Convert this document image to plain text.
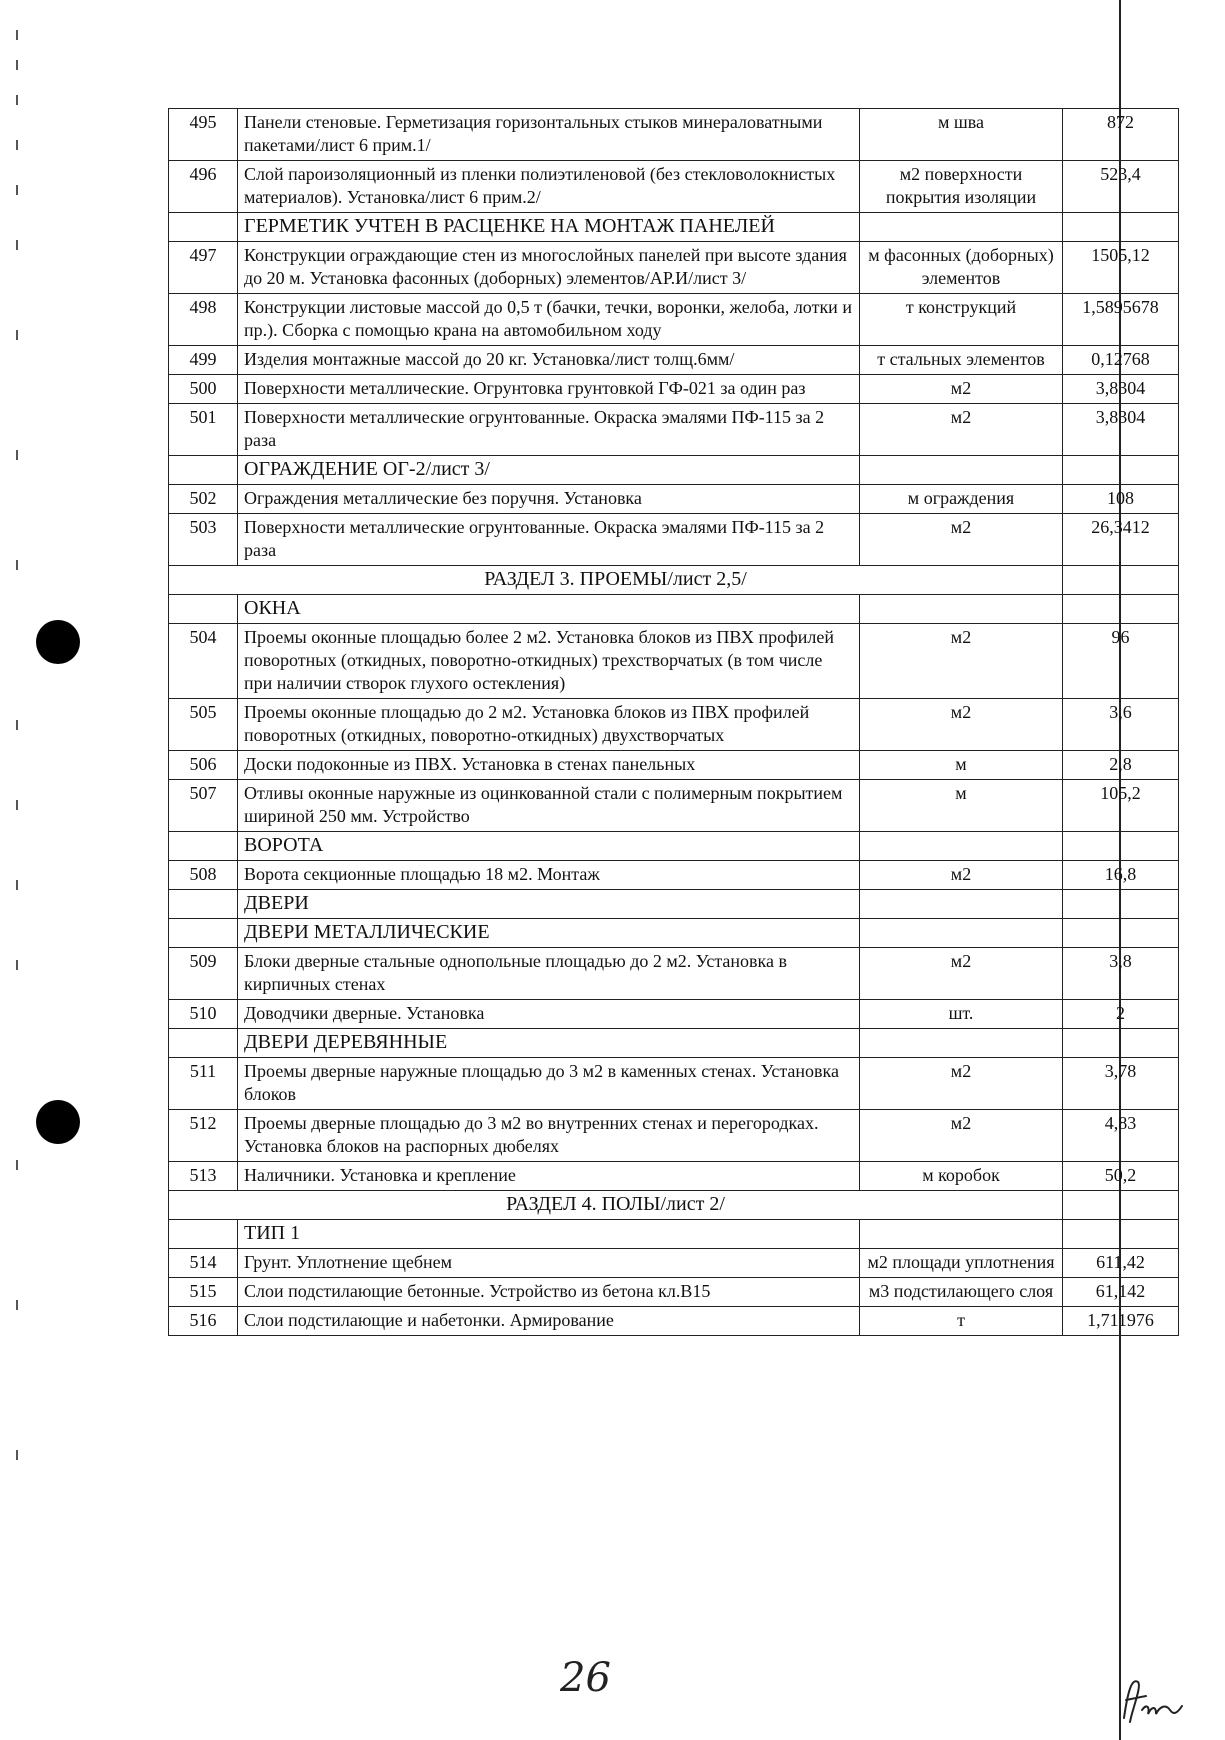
495	Панели стеновые. Герметизация горизонтальных стыков минераловатными пакетами/лист 6 прим.1/	м шва	872
496	Слой пароизоляционный из пленки полиэтиленовой (без стекловолокнистых материалов). Установка/лист 6 прим.2/	м2 поверхности покрытия изоляции	523,4
	ГЕРМЕТИК УЧТЕН В РАСЦЕНКЕ НА МОНТАЖ ПАНЕЛЕЙ		
497	Конструкции ограждающие стен из многослойных панелей при высоте здания до 20 м. Установка фасонных (доборных) элементов/АР.И/лист 3/	м фасонных (доборных) элементов	1505,12
498	Конструкции листовые массой до 0,5 т (бачки, течки, воронки, желоба, лотки и пр.). Сборка с помощью крана на автомобильном ходу	т конструкций	1,5895678
499	Изделия монтажные массой до 20 кг. Установка/лист толщ.6мм/	т стальных элементов	0,12768
500	Поверхности металлические. Огрунтовка грунтовкой ГФ-021 за один раз	м2	3,8304
501	Поверхности металлические огрунтованные. Окраска эмалями ПФ-115 за 2 раза	м2	3,8304
	ОГРАЖДЕНИЕ ОГ-2/лист 3/		
502	Ограждения металлические без поручня. Установка	м ограждения	108
503	Поверхности металлические огрунтованные. Окраска эмалями ПФ-115 за 2 раза	м2	26,3412
РАЗДЕЛ 3. ПРОЕМЫ/лист 2,5/			
	ОКНА		
504	Проемы оконные площадью более 2 м2. Установка блоков из ПВХ профилей поворотных (откидных, поворотно-откидных) трехстворчатых (в том числе при наличии створок глухого остекления)	м2	96
505	Проемы оконные площадью до 2 м2. Установка блоков из ПВХ профилей поворотных (откидных, поворотно-откидных) двухстворчатых	м2	3,6
506	Доски подоконные из ПВХ. Установка в стенах панельных	м	2,8
507	Отливы оконные наружные из оцинкованной стали с полимерным покрытием шириной 250 мм. Устройство	м	105,2
	ВОРОТА		
508	Ворота секционные площадью 18 м2. Монтаж	м2	16,8
	ДВЕРИ		
	ДВЕРИ МЕТАЛЛИЧЕСКИЕ		
509	Блоки дверные стальные однопольные площадью до 2 м2. Установка в кирпичных стенах	м2	3,8
510	Доводчики дверные. Установка	шт.	2
	ДВЕРИ ДЕРЕВЯННЫЕ		
511	Проемы дверные наружные площадью до 3 м2 в каменных стенах. Установка блоков	м2	3,78
512	Проемы дверные площадью до 3 м2 во внутренних стенах и перегородках. Установка блоков на распорных дюбелях	м2	4,83
513	Наличники. Установка и крепление	м коробок	50,2
РАЗДЕЛ 4. ПОЛЫ/лист 2/			
	ТИП 1		
514	Грунт. Уплотнение щебнем	м2 площади уплотнения	611,42
515	Слои подстилающие бетонные. Устройство из бетона кл.В15	м3 подстилающего слоя	61,142
516	Слои подстилающие и набетонки. Армирование	т	1,711976
26
